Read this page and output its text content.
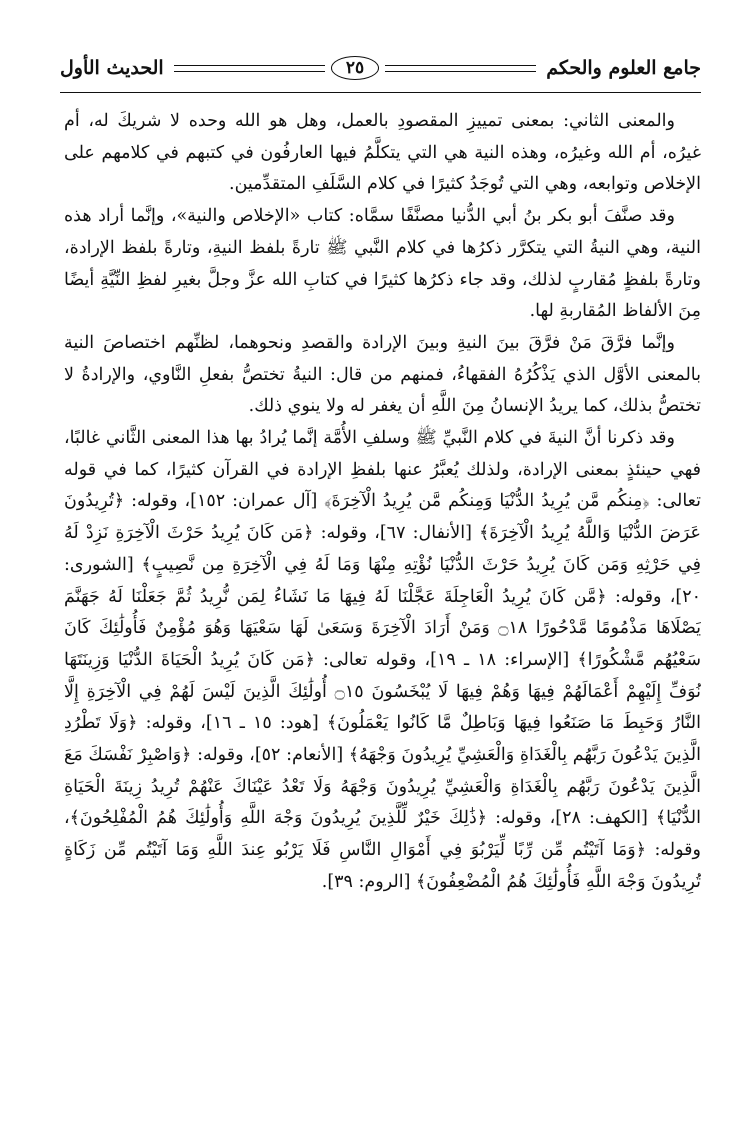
جامع العلوم والحكم
٢٥
الحديث الأول

والمعنى الثاني: بمعنى تمييزِ المقصودِ بالعمل، وهل هو الله وحده لا شريكَ له، أم غيرُه، أم الله وغيرُه، وهذه النية هي التي يتكلَّمُ فيها العارفُون في كتبهم في كلامهم على الإخلاص وتوابعه، وهي التي تُوجَدُ كثيرًا في كلام السَّلَفِ المتقدِّمين.

وقد صنَّفَ أبو بكر بنُ أبي الدُّنيا مصنَّفًا سمَّاه: كتاب «الإخلاص والنية»، وإنَّما أراد هذه النية، وهي النيةُ التي يتكرَّر ذكرُها في كلام النَّبي ﷺ تارةً بلفظ النيةِ، وتارةً بلفظ الإرادة، وتارةً بلفظٍ مُقاربٍ لذلك، وقد جاء ذكرُها كثيرًا في كتابِ الله عزَّ وجلَّ بغيرِ لفظِ النِّيَّةِ أيضًا مِنَ الألفاظ المُقاربةِ لها.

وإنَّما فرَّقَ مَنْ فرَّقَ بينَ النيةِ وبينَ الإرادة والقصدِ ونحوهما، لظنِّهم اختصاصَ النية بالمعنى الأوَّل الذي يَذْكُرُهُ الفقهاءُ، فمنهم من قال: النيةُ تختصُّ بفعلِ النَّاوي، والإرادةُ لا تختصُّ بذلك، كما يريدُ الإنسانُ مِنَ اللَّهِ أن يغفر له ولا ينوي ذلك.

وقد ذكرنا أنَّ النيةَ في كلام النَّبيِّ ﷺ وسلفِ الأُمَّة إنَّما يُرادُ بها هذا المعنى الثَّاني غالبًا، فهي حينئذٍ بمعنى الإرادة، ولذلك يُعبَّرُ عنها بلفظِ الإرادة في القرآن كثيرًا، كما في قوله تعالى: ﴿مِنكُم مَّن يُرِيدُ الدُّنْيَا وَمِنكُم مَّن يُرِيدُ الْآخِرَةَ﴾ [آل عمران: ١٥٢]، وقوله: ﴿تُرِيدُونَ عَرَضَ الدُّنْيَا وَاللَّهُ يُرِيدُ الْآخِرَةَ﴾ [الأنفال: ٦٧]، وقوله: ﴿مَن كَانَ يُرِيدُ حَرْثَ الْآخِرَةِ نَزِدْ لَهُ فِي حَرْثِهِ وَمَن كَانَ يُرِيدُ حَرْثَ الدُّنْيَا نُؤْتِهِ مِنْهَا وَمَا لَهُ فِي الْآخِرَةِ مِن نَّصِيبٍ﴾ [الشورى: ٢٠]، وقوله: ﴿مَّن كَانَ يُرِيدُ الْعَاجِلَةَ عَجَّلْنَا لَهُ فِيهَا مَا نَشَاءُ لِمَن نُّرِيدُ ثُمَّ جَعَلْنَا لَهُ جَهَنَّمَ يَصْلَاهَا مَذْمُومًا مَّدْحُورًا ۝١٨ وَمَنْ أَرَادَ الْآخِرَةَ وَسَعَىٰ لَهَا سَعْيَهَا وَهُوَ مُؤْمِنٌ فَأُولَٰئِكَ كَانَ سَعْيُهُم مَّشْكُورًا﴾ [الإسراء: ١٨ ـ ١٩]، وقوله تعالى: ﴿مَن كَانَ يُرِيدُ الْحَيَاةَ الدُّنْيَا وَزِينَتَهَا نُوَفِّ إِلَيْهِمْ أَعْمَالَهُمْ فِيهَا وَهُمْ فِيهَا لَا يُبْخَسُونَ ۝١٥ أُولَٰئِكَ الَّذِينَ لَيْسَ لَهُمْ فِي الْآخِرَةِ إِلَّا النَّارُ وَحَبِطَ مَا صَنَعُوا فِيهَا وَبَاطِلٌ مَّا كَانُوا يَعْمَلُونَ﴾ [هود: ١٥ ـ ١٦]، وقوله: ﴿وَلَا تَطْرُدِ الَّذِينَ يَدْعُونَ رَبَّهُم بِالْغَدَاةِ وَالْعَشِيِّ يُرِيدُونَ وَجْهَهُ﴾ [الأنعام: ٥٢]، وقوله: ﴿وَاصْبِرْ نَفْسَكَ مَعَ الَّذِينَ يَدْعُونَ رَبَّهُم بِالْغَدَاةِ وَالْعَشِيِّ يُرِيدُونَ وَجْهَهُ وَلَا تَعْدُ عَيْنَاكَ عَنْهُمْ تُرِيدُ زِينَةَ الْحَيَاةِ الدُّنْيَا﴾ [الكهف: ٢٨]، وقوله: ﴿ذَٰلِكَ خَيْرٌ لِّلَّذِينَ يُرِيدُونَ وَجْهَ اللَّهِ وَأُولَٰئِكَ هُمُ الْمُفْلِحُونَ﴾، وقوله: ﴿وَمَا آتَيْتُم مِّن رِّبًا لِّيَرْبُوَ فِي أَمْوَالِ النَّاسِ فَلَا يَرْبُو عِندَ اللَّهِ وَمَا آتَيْتُم مِّن زَكَاةٍ تُرِيدُونَ وَجْهَ اللَّهِ فَأُولَٰئِكَ هُمُ الْمُضْعِفُونَ﴾ [الروم: ٣٩].
